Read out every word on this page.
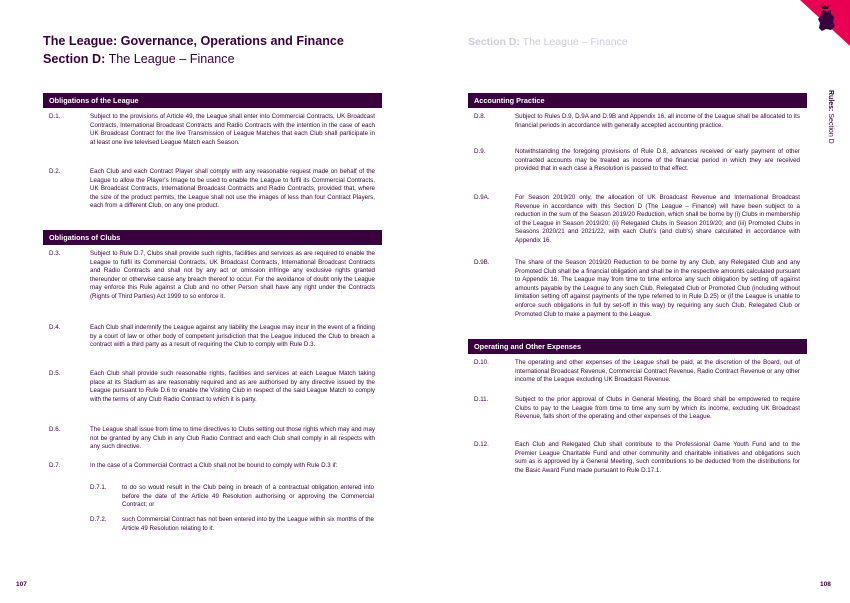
The League: Governance, Operations and Finance
Section D: The League – Finance
Section D: The League – Finance
Rules: Section D
Obligations of the League
D.1.	Subject to the provisions of Article 49, the League shall enter into Commercial Contracts, UK Broadcast Contracts, International Broadcast Contracts and Radio Contracts with the intention in the case of each UK Broadcast Contract for the live Transmission of League Matches that each Club shall participate in at least one live televised League Match each Season.
D.2.	Each Club and each Contract Player shall comply with any reasonable request made on behalf of the League to allow the Player's Image to be used to enable the League to fulfil its Commercial Contracts, UK Broadcast Contracts, International Broadcast Contracts and Radio Contracts, provided that, where the size of the product permits, the League shall not use the images of less than four Contract Players, each from a different Club, on any one product.
Obligations of Clubs
D.3.	Subject to Rule D.7, Clubs shall provide such rights, facilities and services as are required to enable the League to fulfil its Commercial Contracts, UK Broadcast Contracts, International Broadcast Contracts and Radio Contracts and shall not by any act or omission infringe any exclusive rights granted thereunder or otherwise cause any breach thereof to occur. For the avoidance of doubt only the League may enforce this Rule against a Club and no other Person shall have any right under the Contracts (Rights of Third Parties) Act 1999 to so enforce it.
D.4.	Each Club shall indemnify the League against any liability the League may incur in the event of a finding by a court of law or other body of competent jurisdiction that the League induced the Club to breach a contract with a third party as a result of requiring the Club to comply with Rule D.3.
D.5.	Each Club shall provide such reasonable rights, facilities and services at each League Match taking place at its Stadium as are reasonably required and as are authorised by any directive issued by the League pursuant to Rule D.6 to enable the Visiting Club in respect of the said League Match to comply with the terms of any Club Radio Contract to which it is party.
D.6.	The League shall issue from time to time directives to Clubs setting out those rights which may and may not be granted by any Club in any Club Radio Contract and each Club shall comply in all respects with any such directive.
D.7.	In the case of a Commercial Contract a Club shall not be bound to comply with Rule D.3 if:
D.7.1. to do so would result in the Club being in breach of a contractual obligation entered into before the date of the Article 49 Resolution authorising or approving the Commercial Contract; or
D.7.2. such Commercial Contract has not been entered into by the League within six months of the Article 49 Resolution relating to it.
Accounting Practice
D.8.	Subject to Rules D.9, D.9A and D.9B and Appendix 16, all income of the League shall be allocated to its financial periods in accordance with generally accepted accounting practice.
D.9.	Notwithstanding the foregoing provisions of Rule D.8, advances received or early payment of other contracted accounts may be treated as income of the financial period in which they are received provided that in each case a Resolution is passed to that effect.
D.9A.	For Season 2019/20 only, the allocation of UK Broadcast Revenue and International Broadcast Revenue in accordance with this Section D (The League – Finance) will have been subject to a reduction in the sum of the Season 2019/20 Reduction, which shall be borne by (i) Clubs in membership of the League in Season 2019/20; (ii) Relegated Clubs in Season 2019/20; and (iii) Promoted Clubs in Seasons 2020/21 and 2021/22, with each Club's (and club's) share calculated in accordance with Appendix 16.
D.9B.	The share of the Season 2019/20 Reduction to be borne by any Club, any Relegated Club and any Promoted Club shall be a financial obligation and shall be in the respective amounts calculated pursuant to Appendix 16. The League may from time to time enforce any such obligation by setting off against amounts payable by the League to any such Club, Relegated Club or Promoted Club (including without limitation setting off against payments of the type referred to in Rule D.25) or (if the League is unable to enforce such obligations in full by set-off in this way) by requiring any such Club, Relegated Club or Promoted Club to make a payment to the League.
Operating and Other Expenses
D.10.	The operating and other expenses of the League shall be paid, at the discretion of the Board, out of International Broadcast Revenue, Commercial Contract Revenue, Radio Contract Revenue or any other income of the League excluding UK Broadcast Revenue.
D.11.	Subject to the prior approval of Clubs in General Meeting, the Board shall be empowered to require Clubs to pay to the League from time to time any sum by which its income, excluding UK Broadcast Revenue, falls short of the operating and other expenses of the League.
D.12.	Each Club and Relegated Club shall contribute to the Professional Game Youth Fund and to the Premier League Charitable Fund and other community and charitable initiatives and obligations such sum as is approved by a General Meeting, such contributions to be deducted from the distributions for the Basic Award Fund made pursuant to Rule D.17.1.
107	108
